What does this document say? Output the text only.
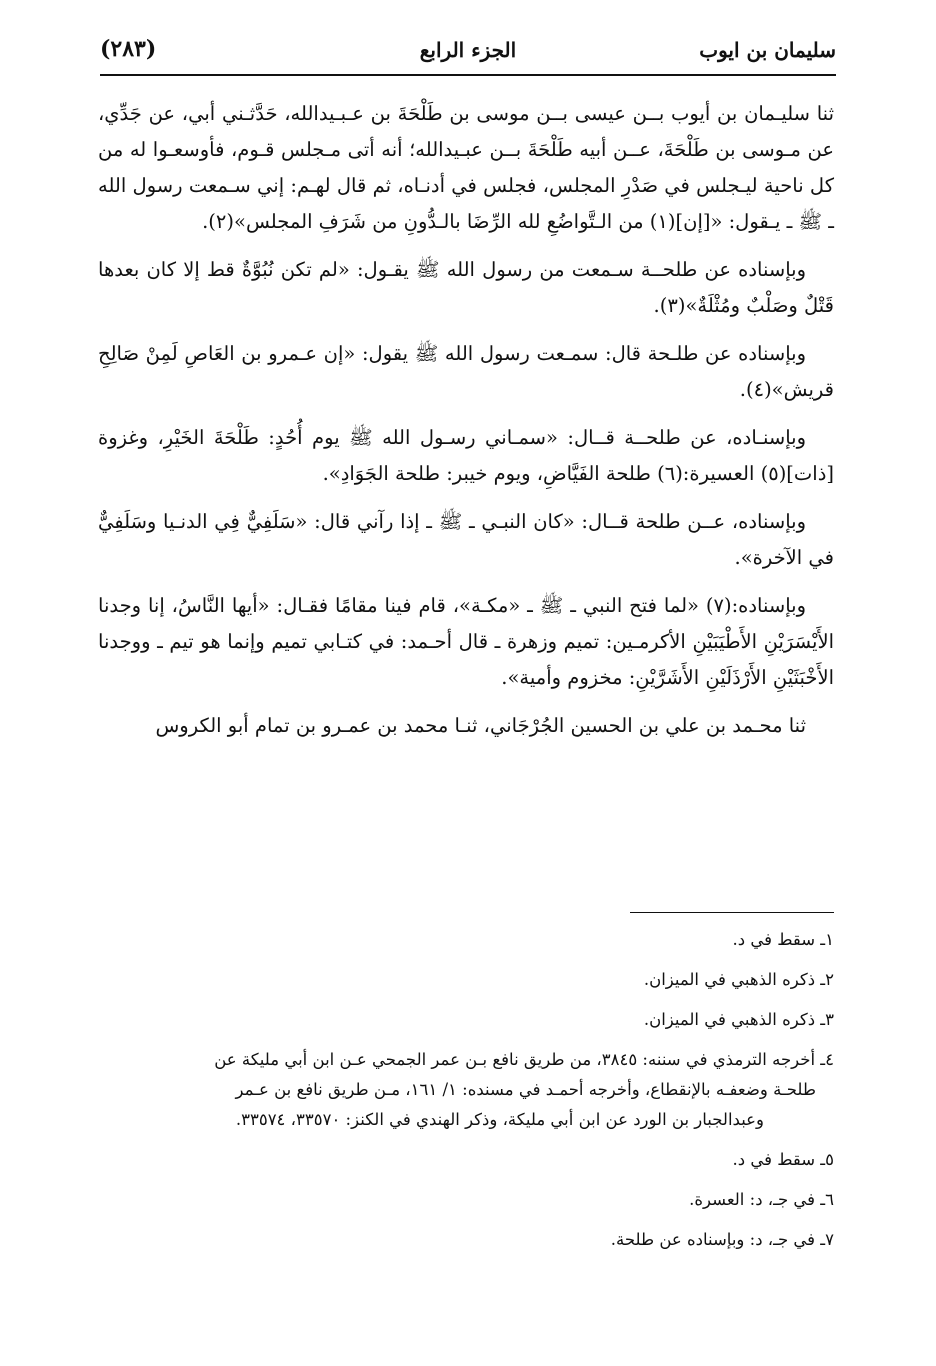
سليمان بن ايوب
الجزء الرابع
(٢٨٣)

ثنا سليـمان بن أيوب بــن عيسى بــن موسى بن طَلْحَةَ بن عـبـيدالله، حَدَّثـني أبي، عن جَدِّي، عن مـوسى بن طَلْحَةَ، عــن أبيه طَلْحَةَ بــن عبـيدالله؛ أنه أتى مـجلس قـوم، فأوسعـوا له من كل ناحية ليـجلس في صَدْرِ المجلس، فجلس في أدنـاه، ثم قال لهـم: إني سـمعت رسول الله ـ ﷺ ـ يـقول: «[إن](١) من الـتَّواضُعِ لله الرِّضَا بالـدُّونِ من شَرَفِ المجلس»(٢).

وبإسناده عن طلحــة سـمعت من رسول الله ﷺ يقـول: «لم تكن نُبُوَّةٌ قط إلا كان بعدها قَتْلٌ وصَلْبٌ ومُثْلَةٌ»(٣).

وبإسناده عن طلـحة قال: سمـعت رسول الله ﷺ يقول: «إن عـمرو بن العَاصِ لَمِنْ صَالِحِ قريش»(٤).

وبإسنـاده، عن طلحــة قــال: «سمـاني رسـول الله ﷺ يوم أُحُدٍ: طَلْحَةَ الخَيْرِ، وغزوة [ذات](٥) العسيرة:(٦) طلحة الفَيَّاضِ، ويوم خيبر: طلحة الجَوَادِ».

وبإسناده، عــن طلحة قــال: «كان النبـي ـ ﷺ ـ إذا رآني قال: «سَلَفِيٌّ فِي الدنـيا وسَلَفِيٌّ في الآخرة».

وبإسناده:(٧) «لما فتح النبي ـ ﷺ ـ «مكـة»، قام فينا مقامًا فقـال: «أيها النَّاسُ، إنا وجدنا الأَيْسَرَيْنِ الأَطْيَبَيْنِ الأكرمـين: تميم وزهرة ـ قال أحـمد: في كتـابي تميم وإنما هو تيم ـ ووجدنا الأَخْبَثَيْنِ الأَرْذَلَيْنِ الأَشَرَّيْنِ: مخزوم وأمية».

ثنا محـمد بن علي بن الحسين الجُرْجَاني، ثنـا محمد بن عمـرو بن تمام أبو الكروس

١ـ سقط في د.
٢ـ ذكره الذهبي في الميزان.
٣ـ ذكره الذهبي في الميزان.
٤ـ أخرجه الترمذي في سننه: ٣٨٤٥، من طريق نافع بـن عمر الجمحي عـن ابن أبي مليكة عن
طلحـة وضعفـه بالإنقطاع، وأخرجه أحمـد في مسنده: ١/ ١٦١، مـن طريق نافع بن عـمر
وعبدالجبار بن الورد عن ابن أبي مليكة، وذكر الهندي في الكنز: ٣٣٥٧٠، ٣٣٥٧٤.
٥ـ سقط في د.
٦ـ في جـ، د: العسرة.
٧ـ في جـ، د: وبإسناده عن طلحة.
